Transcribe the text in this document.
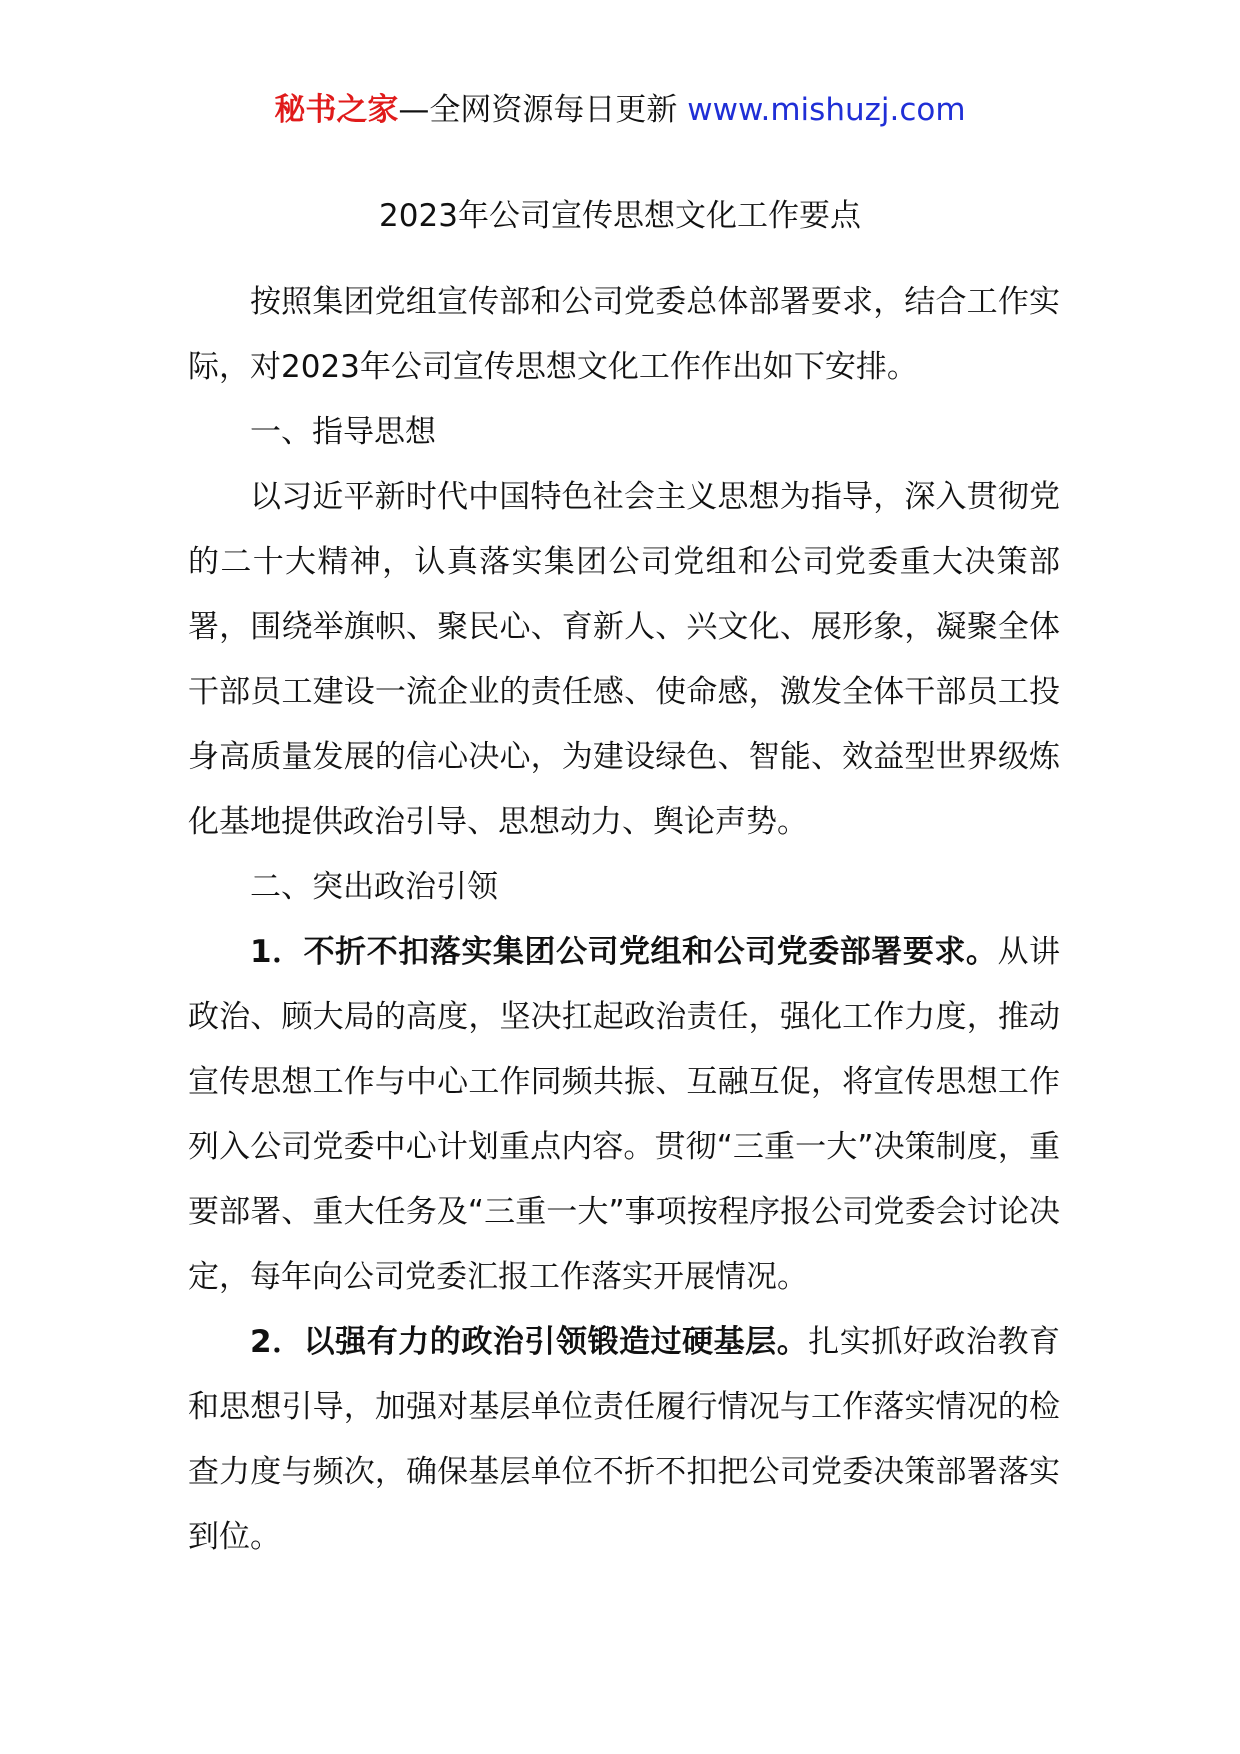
秘书之家—全网资源每日更新 www.mishuzj.com
2023年公司宣传思想文化工作要点

按照集团党组宣传部和公司党委总体部署要求，结合工作实际，对2023年公司宣传思想文化工作作出如下安排。

一、指导思想

以习近平新时代中国特色社会主义思想为指导，深入贯彻党的二十大精神，认真落实集团公司党组和公司党委重大决策部署，围绕举旗帜、聚民心、育新人、兴文化、展形象，凝聚全体干部员工建设一流企业的责任感、使命感，激发全体干部员工投身高质量发展的信心决心，为建设绿色、智能、效益型世界级炼化基地提供政治引导、思想动力、舆论声势。

二、突出政治引领

1．不折不扣落实集团公司党组和公司党委部署要求。从讲政治、顾大局的高度，坚决扛起政治责任，强化工作力度，推动宣传思想工作与中心工作同频共振、互融互促，将宣传思想工作列入公司党委中心计划重点内容。贯彻“三重一大”决策制度，重要部署、重大任务及“三重一大”事项按程序报公司党委会讨论决定，每年向公司党委汇报工作落实开展情况。

2．以强有力的政治引领锻造过硬基层。扎实抓好政治教育和思想引导，加强对基层单位责任履行情况与工作落实情况的检查力度与频次，确保基层单位不折不扣把公司党委决策部署落实到位。
